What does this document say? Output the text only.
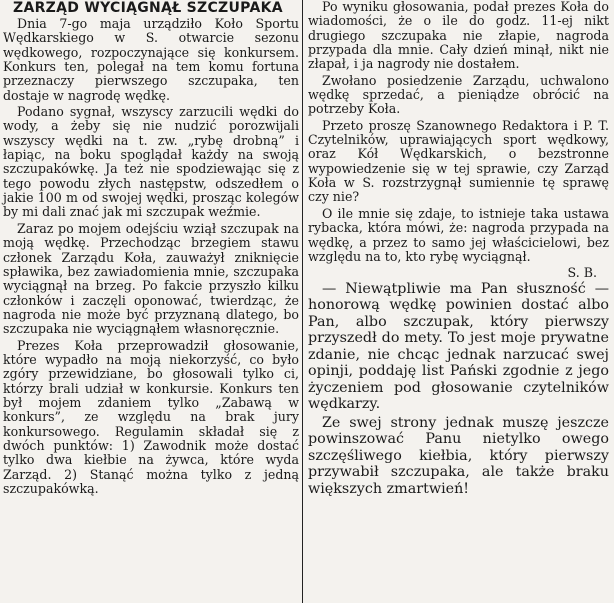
ZARZĄD WYCIĄGNĄŁ SZCZUPAKA

Dnia 7-go maja urządziło Koło Sportu Wędkarskiego w S. otwarcie sezonu wędkowego, rozpoczynające się konkursem. Konkurs ten, polegał na tem komu fortuna przeznaczy pierwszego szczupaka, ten dostaje w nagrodę wędkę.

Podano sygnał, wszyscy zarzucili wędki do wody, a żeby się nie nudzić porozwijali wszyscy wędki na t. zw. „rybę drobną” i łapiąc, na boku spoglądał każdy na swoją szczupakówkę. Ja też nie spodziewając się z tego powodu złych następstw, odszedłem o jakie 100 m od swojej wędki, prosząc kolegów by mi dali znać jak mi szczupak weźmie.

Zaraz po mojem odejściu wziął szczupak na moją wędkę. Przechodząc brzegiem stawu członek Zarządu Koła, zauważył zniknięcie spławika, bez zawiadomienia mnie, szczupaka wyciągnął na brzeg. Po fakcie przyszło kilku członków i zaczęli oponować, twierdząc, że nagroda nie może być przyznaną dlatego, bo szczupaka nie wyciągnąłem własnoręcznie.

Prezes Koła przeprowadził głosowanie, które wypadło na moją niekorzyść, co było zgóry przewidziane, bo głosowali tylko ci, którzy brali udział w konkursie. Konkurs ten był mojem zdaniem tylko „Zabawą w konkurs”, ze względu na brak jury konkursowego. Regulamin składał się z dwóch punktów: 1) Zawodnik może dostać tylko dwa kiełbie na żywca, które wyda Zarząd. 2) Stanąć można tylko z jedną szczupakówką.

Po wyniku głosowania, podał prezes Koła do wiadomości, że o ile do godz. 11-ej nikt drugiego szczupaka nie złapie, nagroda przypada dla mnie. Cały dzień minął, nikt nie złapał, i ja nagrody nie dostałem.

Zwołano posiedzenie Zarządu, uchwalono wędkę sprzedać, a pieniądze obrócić na potrzeby Koła.

Przeto proszę Szanownego Redaktora i P. T. Czytelników, uprawiających sport wędkowy, oraz Kół Wędkarskich, o bezstronne wypowiedzenie się w tej sprawie, czy Zarząd Koła w S. rozstrzygnął sumiennie tę sprawę czy nie?

O ile mnie się zdaje, to istnieje taka ustawa rybacka, która mówi, że: nagroda przypada na wędkę, a przez to samo jej właścicielowi, bez względu na to, kto rybę wyciągnął.

S. B.

— Niewątpliwie ma Pan słuszność — honorową wędkę powinien dostać albo Pan, albo szczupak, który pierwszy przyszedł do mety. To jest moje prywatne zdanie, nie chcąc jednak narzucać swej opinji, poddaję list Pański zgodnie z jego życzeniem pod głosowanie czytelników wędkarzy.

Ze swej strony jednak muszę jeszcze powinszować Panu nietylko owego szczęśliwego kiełbia, który pierwszy przywabił szczupaka, ale także braku większych zmartwień!
